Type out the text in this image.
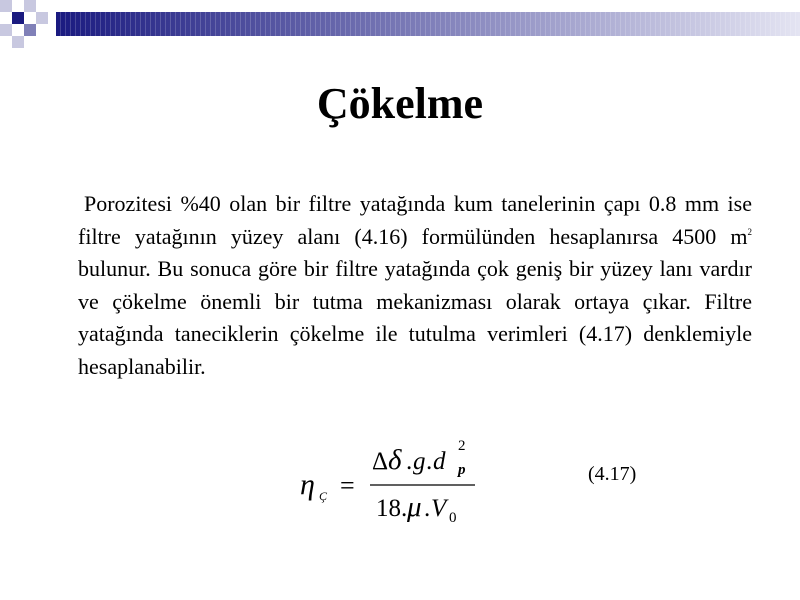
Çökelme
Porozitesi %40 olan bir filtre yatağında kum tanelerinin çapı 0.8 mm ise filtre yatağının yüzey alanı (4.16) formülünden hesaplanırsa 4500 $m^2$ bulunur. Bu sonuca göre bir filtre yatağında çok geniş bir yüzey lanı vardır ve çökelme önemli bir tutma mekanizması olarak ortaya çıkar. Filtre yatağında taneciklerin çökelme ile tutulma verimleri (4.17) denklemiyle hesaplanabilir.
η Ç =
Δ δ . g . d
2
p
18. μ . V 0
(4.17)
